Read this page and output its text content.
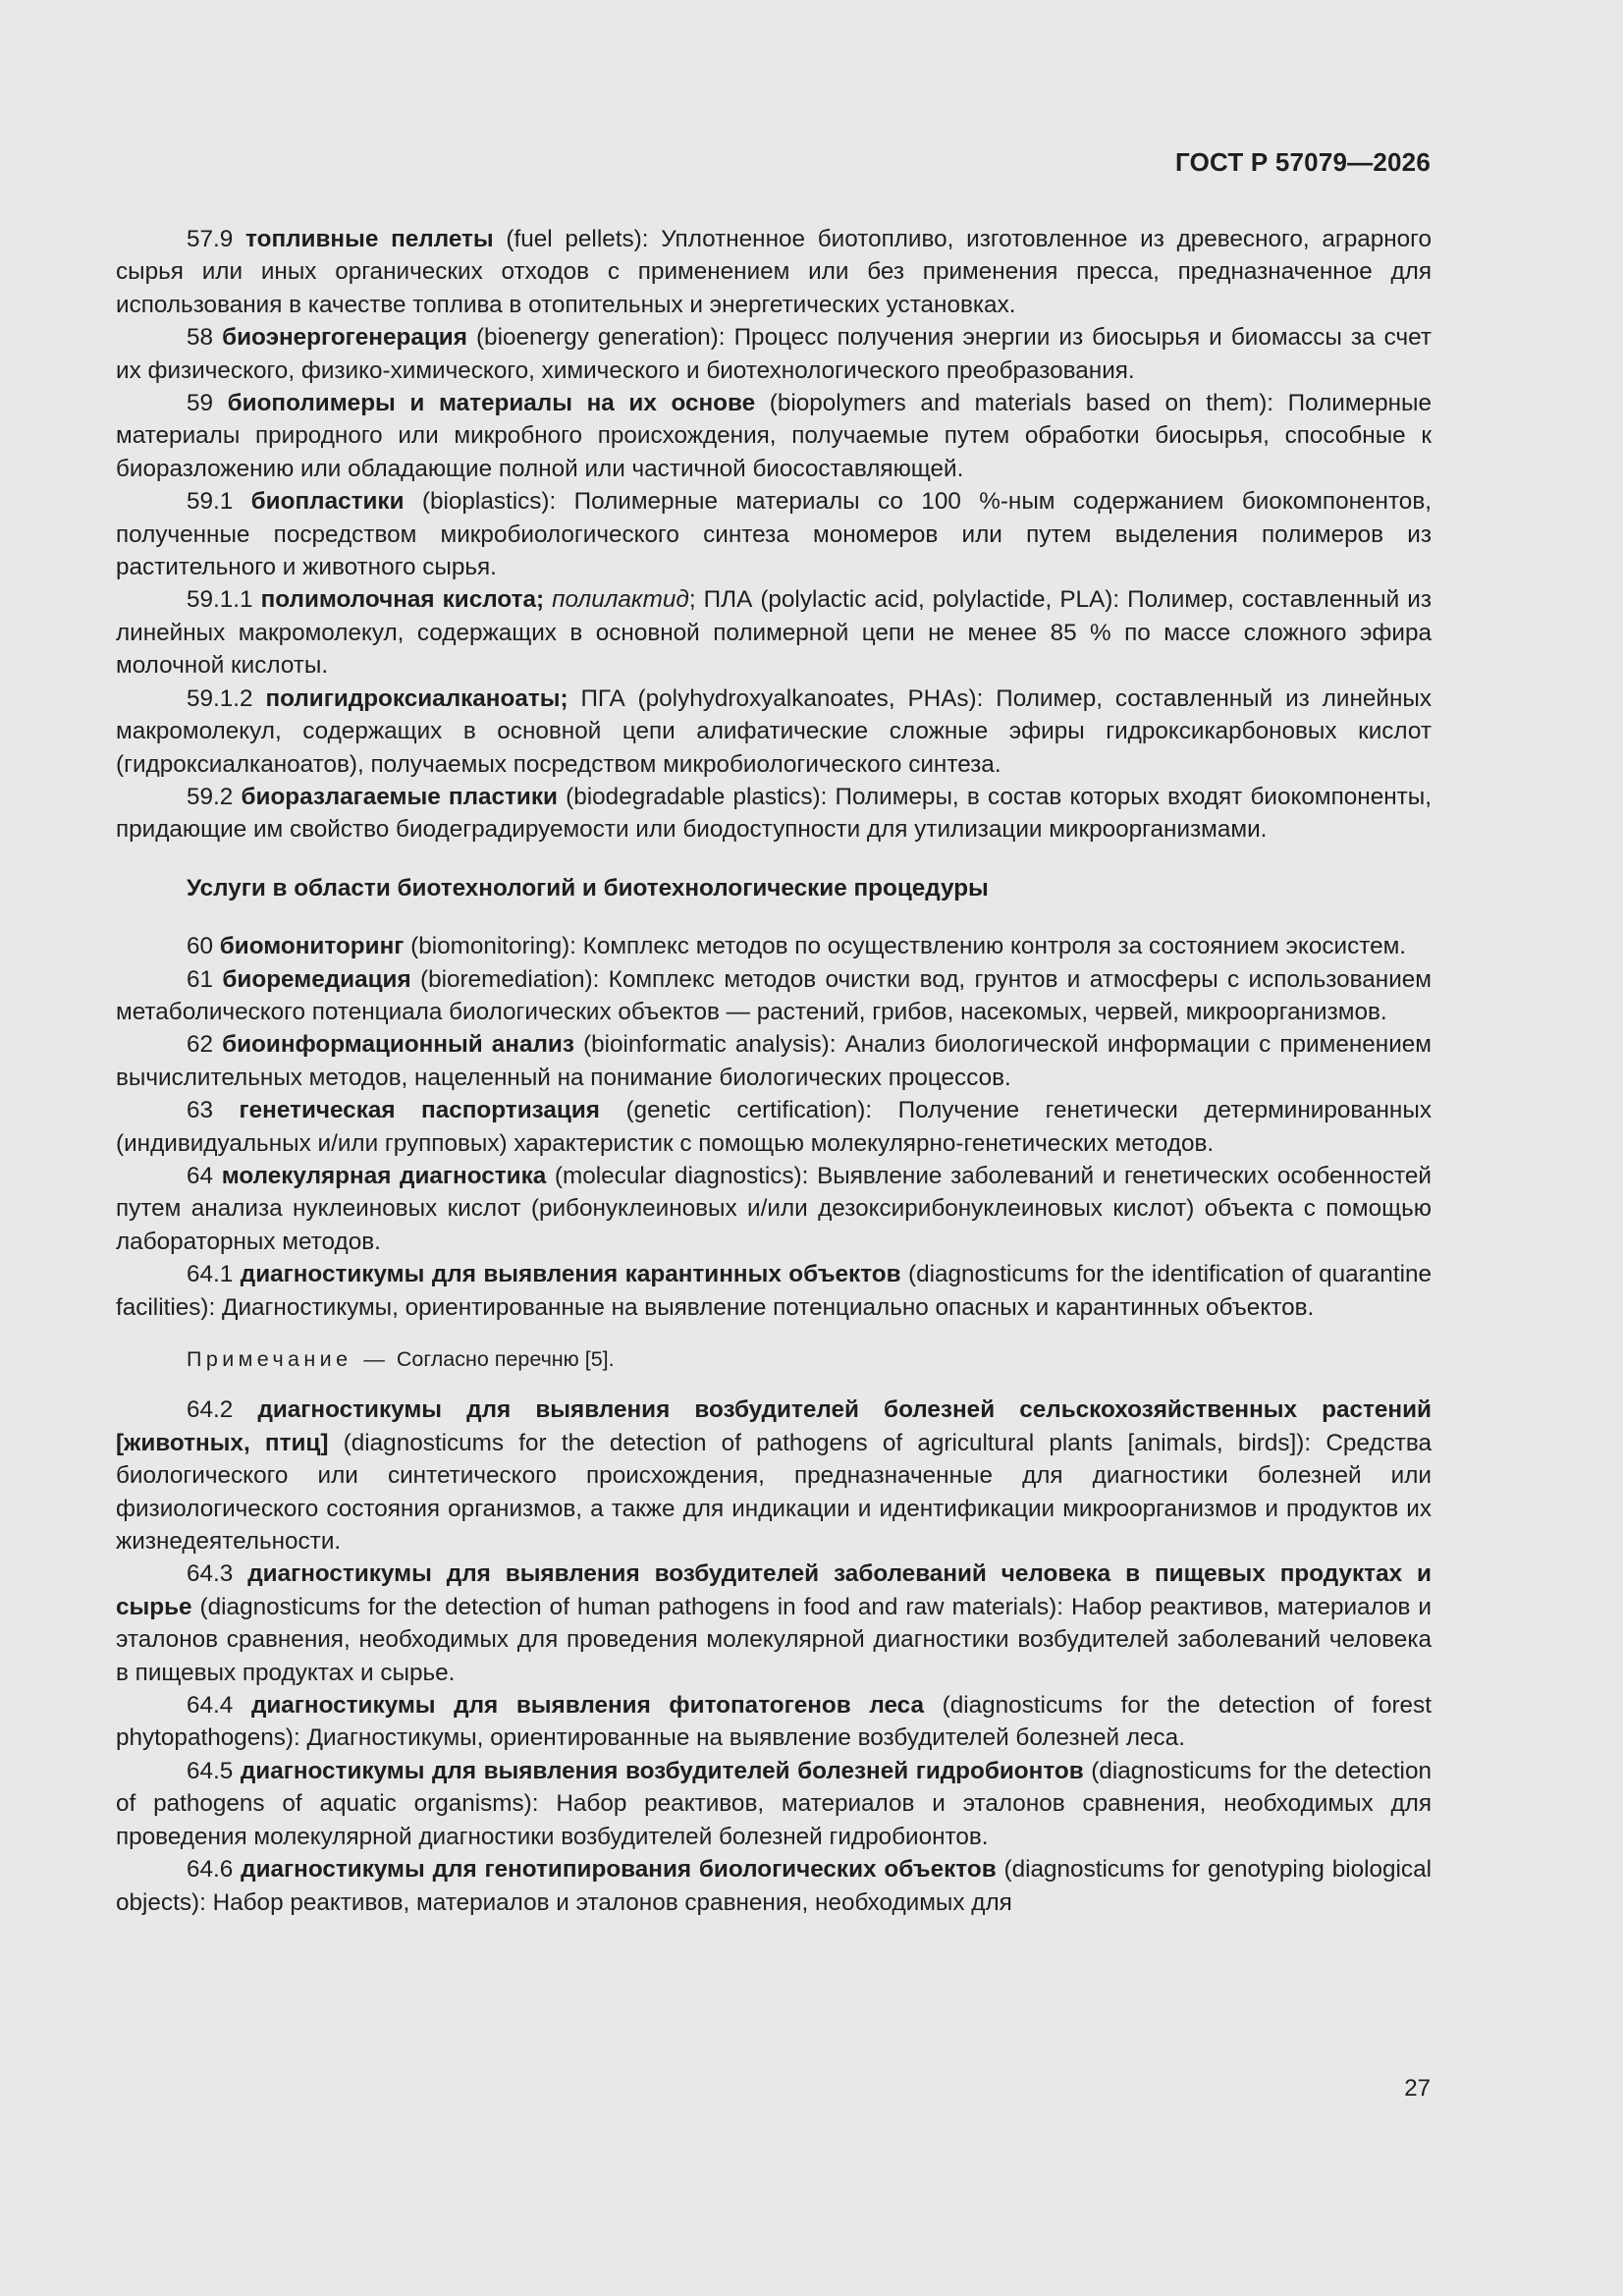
ГОСТ Р 57079—2026

57.9 топливные пеллеты (fuel pellets): Уплотненное биотопливо, изготовленное из древесного, аграрного сырья или иных органических отходов с применением или без применения пресса, предназначенное для использования в качестве топлива в отопительных и энергетических установках.

58 биоэнергогенерация (bioenergy generation): Процесс получения энергии из биосырья и биомассы за счет их физического, физико-химического, химического и биотехнологического преобразования.

59 биополимеры и материалы на их основе (biopolymers and materials based on them): Полимерные материалы природного или микробного происхождения, получаемые путем обработки биосырья, способные к биоразложению или обладающие полной или частичной биосоставляющей.

59.1 биопластики (bioplastics): Полимерные материалы со 100 %-ным содержанием биокомпонентов, полученные посредством микробиологического синтеза мономеров или путем выделения полимеров из растительного и животного сырья.

59.1.1 полимолочная кислота; полилактид; ПЛА (polylactic acid, polylactide, PLA): Полимер, составленный из линейных макромолекул, содержащих в основной полимерной цепи не менее 85 % по массе сложного эфира молочной кислоты.

59.1.2 полигидроксиалканоаты; ПГА (polyhydroxyalkanoates, PHAs): Полимер, составленный из линейных макромолекул, содержащих в основной цепи алифатические сложные эфиры гидроксикарбоновых кислот (гидроксиалканоатов), получаемых посредством микробиологического синтеза.

59.2 биоразлагаемые пластики (biodegradable plastics): Полимеры, в состав которых входят биокомпоненты, придающие им свойство биодеградируемости или биодоступности для утилизации микроорганизмами.

Услуги в области биотехнологий и биотехнологические процедуры

60 биомониторинг (biomonitoring): Комплекс методов по осуществлению контроля за состоянием экосистем.

61 биоремедиация (bioremediation): Комплекс методов очистки вод, грунтов и атмосферы с использованием метаболического потенциала биологических объектов — растений, грибов, насекомых, червей, микроорганизмов.

62 биоинформационный анализ (bioinformatic analysis): Анализ биологической информации с применением вычислительных методов, нацеленный на понимание биологических процессов.

63 генетическая паспортизация (genetic certification): Получение генетически детерминированных (индивидуальных и/или групповых) характеристик с помощью молекулярно-генетических методов.

64 молекулярная диагностика (molecular diagnostics): Выявление заболеваний и генетических особенностей путем анализа нуклеиновых кислот (рибонуклеиновых и/или дезоксирибонуклеиновых кислот) объекта с помощью лабораторных методов.

64.1 диагностикумы для выявления карантинных объектов (diagnosticums for the identification of quarantine facilities): Диагностикумы, ориентированные на выявление потенциально опасных и карантинных объектов.

Примечание — Согласно перечню [5].

64.2 диагностикумы для выявления возбудителей болезней сельскохозяйственных растений [животных, птиц] (diagnosticums for the detection of pathogens of agricultural plants [animals, birds]): Средства биологического или синтетического происхождения, предназначенные для диагностики болезней или физиологического состояния организмов, а также для индикации и идентификации микроорганизмов и продуктов их жизнедеятельности.

64.3 диагностикумы для выявления возбудителей заболеваний человека в пищевых продуктах и сырье (diagnosticums for the detection of human pathogens in food and raw materials): Набор реактивов, материалов и эталонов сравнения, необходимых для проведения молекулярной диагностики возбудителей заболеваний человека в пищевых продуктах и сырье.

64.4 диагностикумы для выявления фитопатогенов леса (diagnosticums for the detection of forest phytopathogens): Диагностикумы, ориентированные на выявление возбудителей болезней леса.

64.5 диагностикумы для выявления возбудителей болезней гидробионтов (diagnosticums for the detection of pathogens of aquatic organisms): Набор реактивов, материалов и эталонов сравнения, необходимых для проведения молекулярной диагностики возбудителей болезней гидробионтов.

64.6 диагностикумы для генотипирования биологических объектов (diagnosticums for genotyping biological objects): Набор реактивов, материалов и эталонов сравнения, необходимых для

27
